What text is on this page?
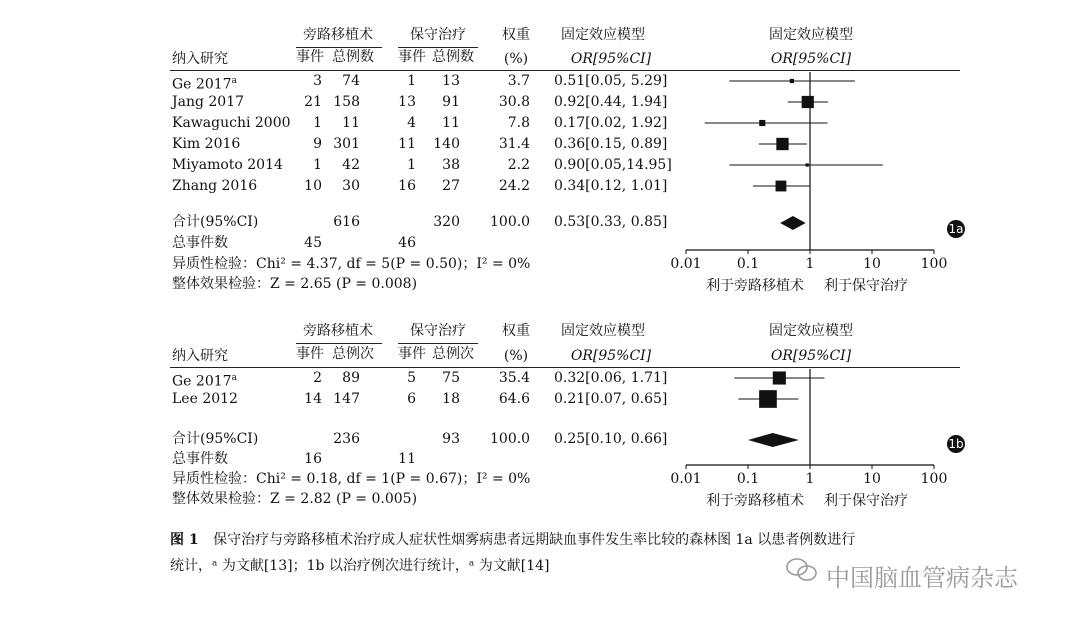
旁路移植术	保守治疗	权重	固定效应模型	固定效应模型
纳入研究	事件 总例数 事件 总例数	(%)	OR[95%CI]	OR[95%CI]
Ge 2017$^a$	3	74	1	13	3.7 0.51[0.05, 5.29]
Jang 2017	21 158	13	91	30.8 0.92[0.44, 1.94]
Kawaguchi 2000	1	11	4	11	7.8 0.17[0.02, 1.92]
Kim 2016	9 301	11	140	31.4 0.36[0.15, 0.89]
Miyamoto 2014	1	42	1	38	2.2 0.90[0.05,14.95]
Zhang 2016	10	30	16	27	24.2 0.34[0.12, 1.01]
合计(95%CI)	616	320 100.0 0.53[0.33, 0.85]
总事件数	45	46
异质性检验：Chi² = 4.37, df = 5(P = 0.50)；I² = 0%
整体效果检验：Z = 2.65 (P = 0.008)
旁路移植术	保守治疗	权重	固定效应模型	固定效应模型
纳入研究	事件 总例次 事件 总例次	(%)	OR[95%CI]	OR[95%CI]
Ge 2017$^a$	2	89	5	75	35.4 0.32[0.06, 1.71]
Lee 2012	14 147	6	18	64.6 0.21[0.07, 0.65]
合计(95%CI)	236	93 100.0 0.25[0.10, 0.66]
总事件数	16	11
异质性检验：Chi² = 0.18, df = 1(P = 0.67)；I² = 0%
整体效果检验：Z = 2.82 (P = 0.005)
0.01	0.1	1	10	100
利于旁路移植术 利于保守治疗
1a
0.01	0.1	1	10	100
利于旁路移植术 利于保守治疗
1b
图 1 保守治疗与旁路移植术治疗成人症状性烟雾病患者远期缺血事件发生率比较的森林图 1a 以患者例数进行
统计，ᵃ 为文献[13]；1b 以治疗例次进行统计，ᵃ 为文献[14]	中国脑血管病杂志
